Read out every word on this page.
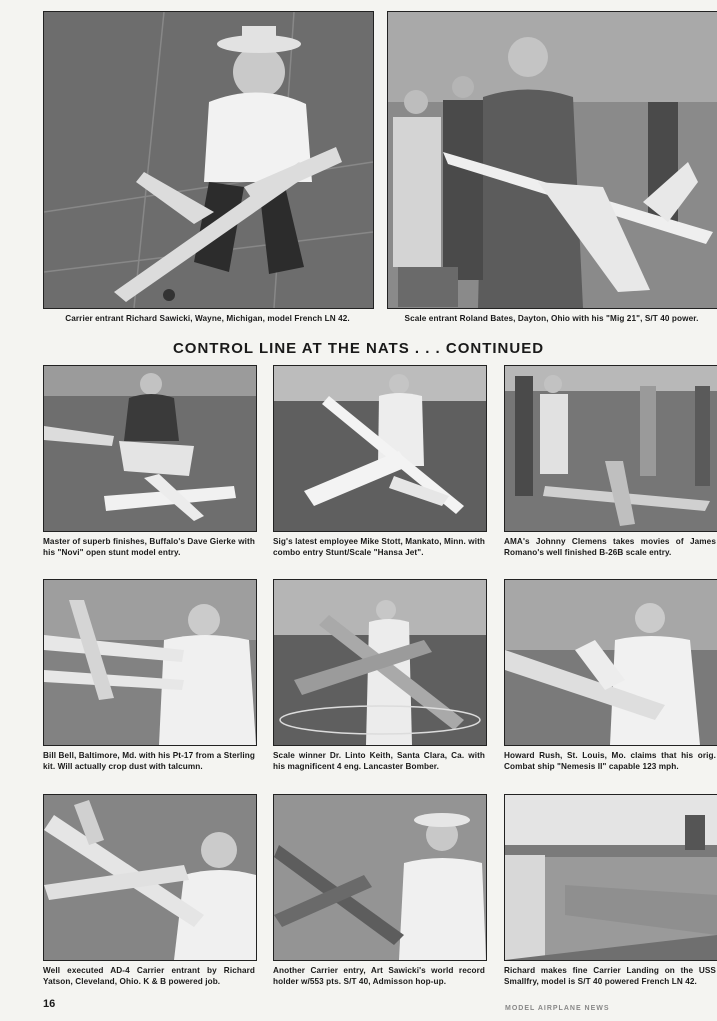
Carrier entrant Richard Sawicki, Wayne, Michigan, model French LN 42.	Scale entrant Roland Bates, Dayton, Ohio with his "Mig 21", S/T 40 power.
CONTROL LINE AT THE NATS . . . CONTINUED
Master of superb finishes, Buffalo's Dave Gierke with his "Novi" open stunt model entry.
Sig's latest employee Mike Stott, Mankato, Minn. with combo entry Stunt/Scale "Hansa Jet".
AMA's Johnny Clemens takes movies of James Romano's well finished B-26B scale entry.
Bill Bell, Baltimore, Md. with his Pt-17 from a Sterling kit. Will actually crop dust with talcumn.
Scale winner Dr. Linto Keith, Santa Clara, Ca. with his magnificent 4 eng. Lancaster Bomber.
Howard Rush, St. Louis, Mo. claims that his orig. Combat ship "Nemesis II" capable 123 mph.
Well executed AD-4 Carrier entrant by Richard Yatson, Cleveland, Ohio. K & B powered job.
Another Carrier entry, Art Sawicki's world record holder w/553 pts. S/T 40, Admisson hop-up.
Richard makes fine Carrier Landing on the USS Smallfry, model is S/T 40 powered French LN 42.
16	MODEL AIRPLANE NEWS
